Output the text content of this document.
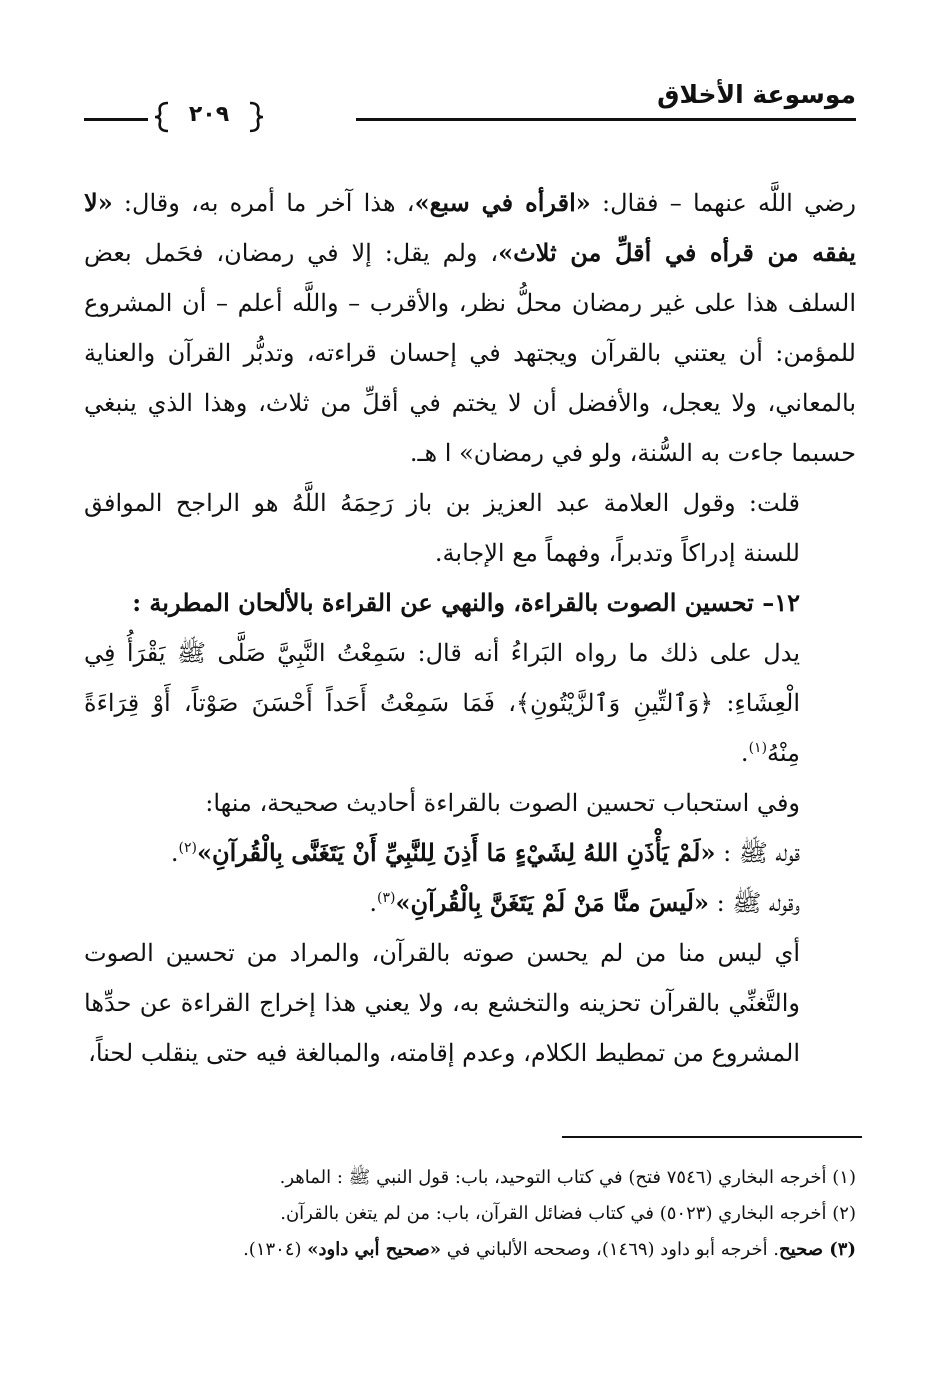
موسوعة الأخلاق
٢٠٩

رضي اللَّه عنهما – فقال: «اقرأه في سبع»، هذا آخر ما أمره به، وقال: «لا يفقه من قرأه في أقلِّ من ثلاث»، ولم يقل: إلا في رمضان، فحَمل بعض السلف هذا على غير رمضان محلُّ نظر، والأقرب – واللَّه أعلم – أن المشروع للمؤمن: أن يعتني بالقرآن ويجتهد في إحسان قراءته، وتدبُّر القرآن والعناية بالمعاني، ولا يعجل، والأفضل أن لا يختم في أقلِّ من ثلاث، وهذا الذي ينبغي حسبما جاءت به السُّنة، ولو في رمضان» ا هـ.

قلت: وقول العلامة عبد العزيز بن باز رَحِمَهُ اللَّهُ هو الراجح الموافق للسنة إدراكاً وتدبراً، وفهماً مع الإجابة.

١٢– تحسين الصوت بالقراءة، والنهي عن القراءة بالألحان المطربة :

يدل على ذلك ما رواه البَراءُ أنه قال: سَمِعْتُ النَّبِيَّ صَلَّى ﷺ يَقْرَأُ فِي الْعِشَاءِ: ﴿وَٱلتِّينِ وَٱلزَّيْتُونِ﴾، فَمَا سَمِعْتُ أَحَداً أَحْسَنَ صَوْتاً، أَوْ قِرَاءَةً مِنْهُ$^{(١)}$.

وفي استحباب تحسين الصوت بالقراءة أحاديث صحيحة، منها:

قوله ﷺ : «لَمْ يَأْذَنِ اللهُ لِشَيْءٍ مَا أَذِنَ لِلنَّبِيِّ أَنْ يَتَغَنَّى بِالْقُرآنِ»$^{(٢)}$.

وقوله ﷺ : «لَيسَ منَّا مَنْ لَمْ يَتَغَنَّ بِالْقُرآنِ»$^{(٣)}$.

أي ليس منا من لم يحسن صوته بالقرآن، والمراد من تحسين الصوت والتَّغنِّي بالقرآن تحزينه والتخشع به، ولا يعني هذا إخراج القراءة عن حدِّها المشروع من تمطيط الكلام، وعدم إقامته، والمبالغة فيه حتى ينقلب لحناً،

(١) أخرجه البخاري (٧٥٤٦ فتح) في كتاب التوحيد، باب: قول النبي ﷺ : الماهر.

(٢) أخرجه البخاري (٥٠٢٣) في كتاب فضائل القرآن، باب: من لم يتغن بالقرآن.

(٣) صحيح. أخرجه أبو داود (١٤٦٩)، وصححه الألباني في «صحيح أبي داود» (١٣٠٤).
